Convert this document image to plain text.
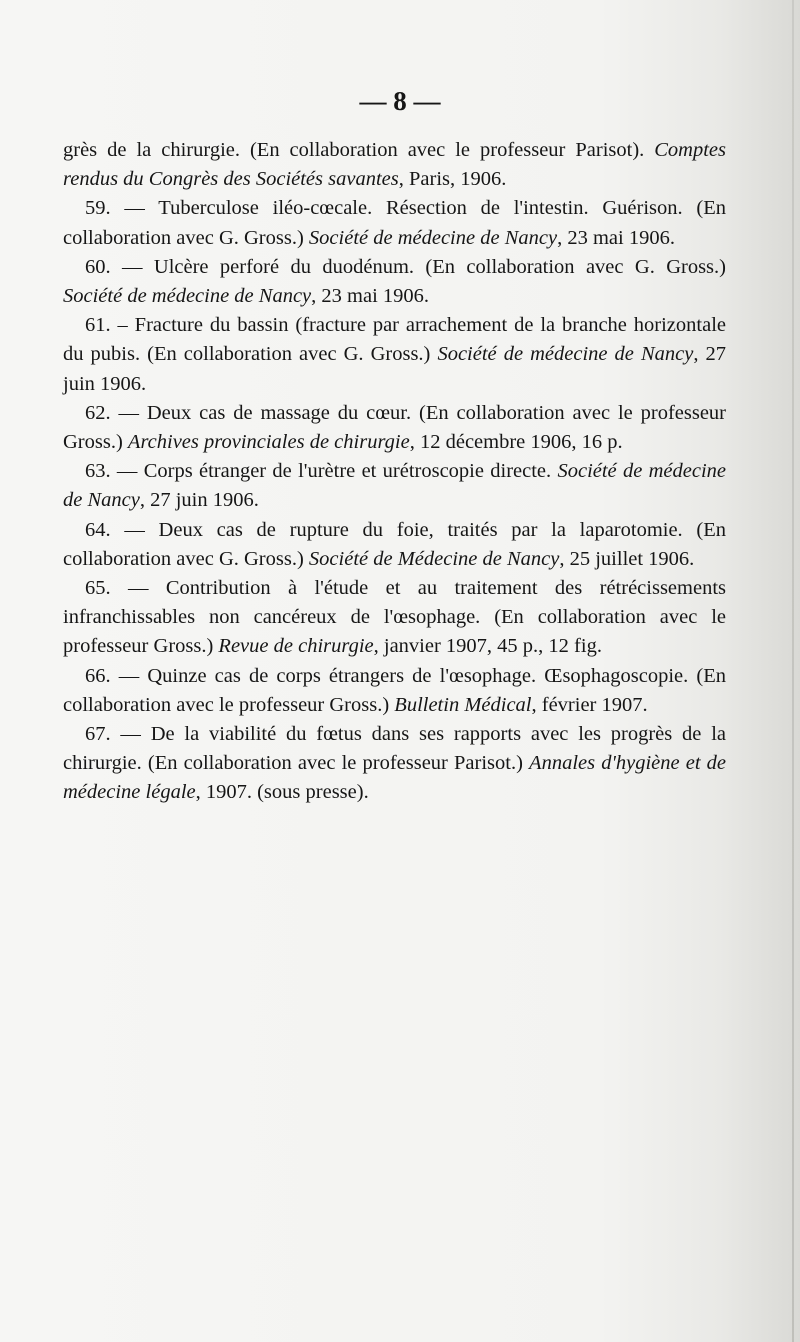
— 8 —

grès de la chirurgie. (En collaboration avec le professeur Parisot). Comptes rendus du Congrès des Sociétés savantes, Paris, 1906.

59. — Tuberculose iléo-cœcale. Résection de l'intestin. Guérison. (En collaboration avec G. Gross.) Société de médecine de Nancy, 23 mai 1906.

60. — Ulcère perforé du duodénum. (En collaboration avec G. Gross.) Société de médecine de Nancy, 23 mai 1906.

61. – Fracture du bassin (fracture par arrachement de la branche horizontale du pubis. (En collaboration avec G. Gross.) Société de médecine de Nancy, 27 juin 1906.

62. — Deux cas de massage du cœur. (En collaboration avec le professeur Gross.) Archives provinciales de chirurgie, 12 décembre 1906, 16 p.

63. — Corps étranger de l'urètre et urétroscopie directe. Société de médecine de Nancy, 27 juin 1906.

64. — Deux cas de rupture du foie, traités par la laparotomie. (En collaboration avec G. Gross.) Société de Médecine de Nancy, 25 juillet 1906.

65. — Contribution à l'étude et au traitement des rétrécissements infranchissables non cancéreux de l'œsophage. (En collaboration avec le professeur Gross.) Revue de chirurgie, janvier 1907, 45 p., 12 fig.

66. — Quinze cas de corps étrangers de l'œsophage. Œsophagoscopie. (En collaboration avec le professeur Gross.) Bulletin Médical, février 1907.

67. — De la viabilité du fœtus dans ses rapports avec les progrès de la chirurgie. (En collaboration avec le professeur Parisot.) Annales d'hygiène et de médecine légale, 1907. (sous presse).
